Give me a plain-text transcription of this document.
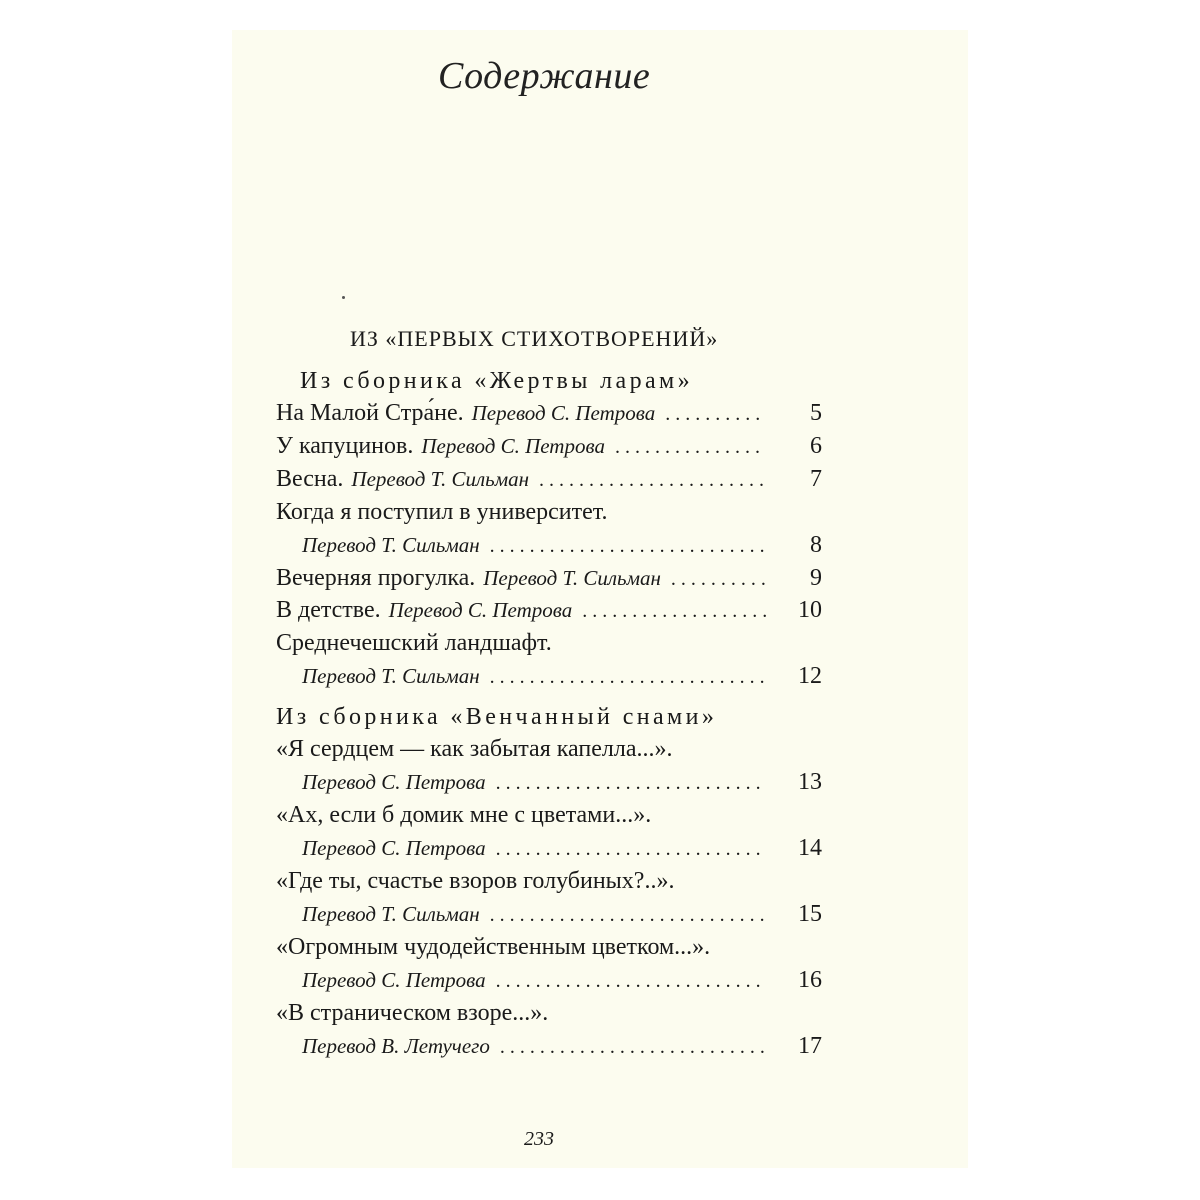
Содержание
ИЗ «ПЕРВЫХ СТИХОТВОРЕНИЙ»
Из сборника «Жертвы ларам»
На Малой Стра́не. Перевод С. Петрова . . .	5
У капуцинов. Перевод С. Петрова . . .	6
Весна. Перевод Т. Сильман . . .	7
Когда я поступил в университет.
Перевод Т. Сильман . . .	8
Вечерняя прогулка. Перевод Т. Сильман . . .	9
В детстве. Перевод С. Петрова . . .	10
Среднечешский ландшафт.
Перевод Т. Сильман . . .	12
Из сборника «Венчанный снами»
«Я сердцем — как забытая капелла...».
Перевод С. Петрова . . .	13
«Ах, если б домик мне с цветами...».
Перевод С. Петрова . . .	14
«Где ты, счастье взоров голубиных?..».
Перевод Т. Сильман . . .	15
«Огромным чудодейственным цветком...».
Перевод С. Петрова . . .	16
«В страническом взоре...».
Перевод В. Летучего . . .	17
233
